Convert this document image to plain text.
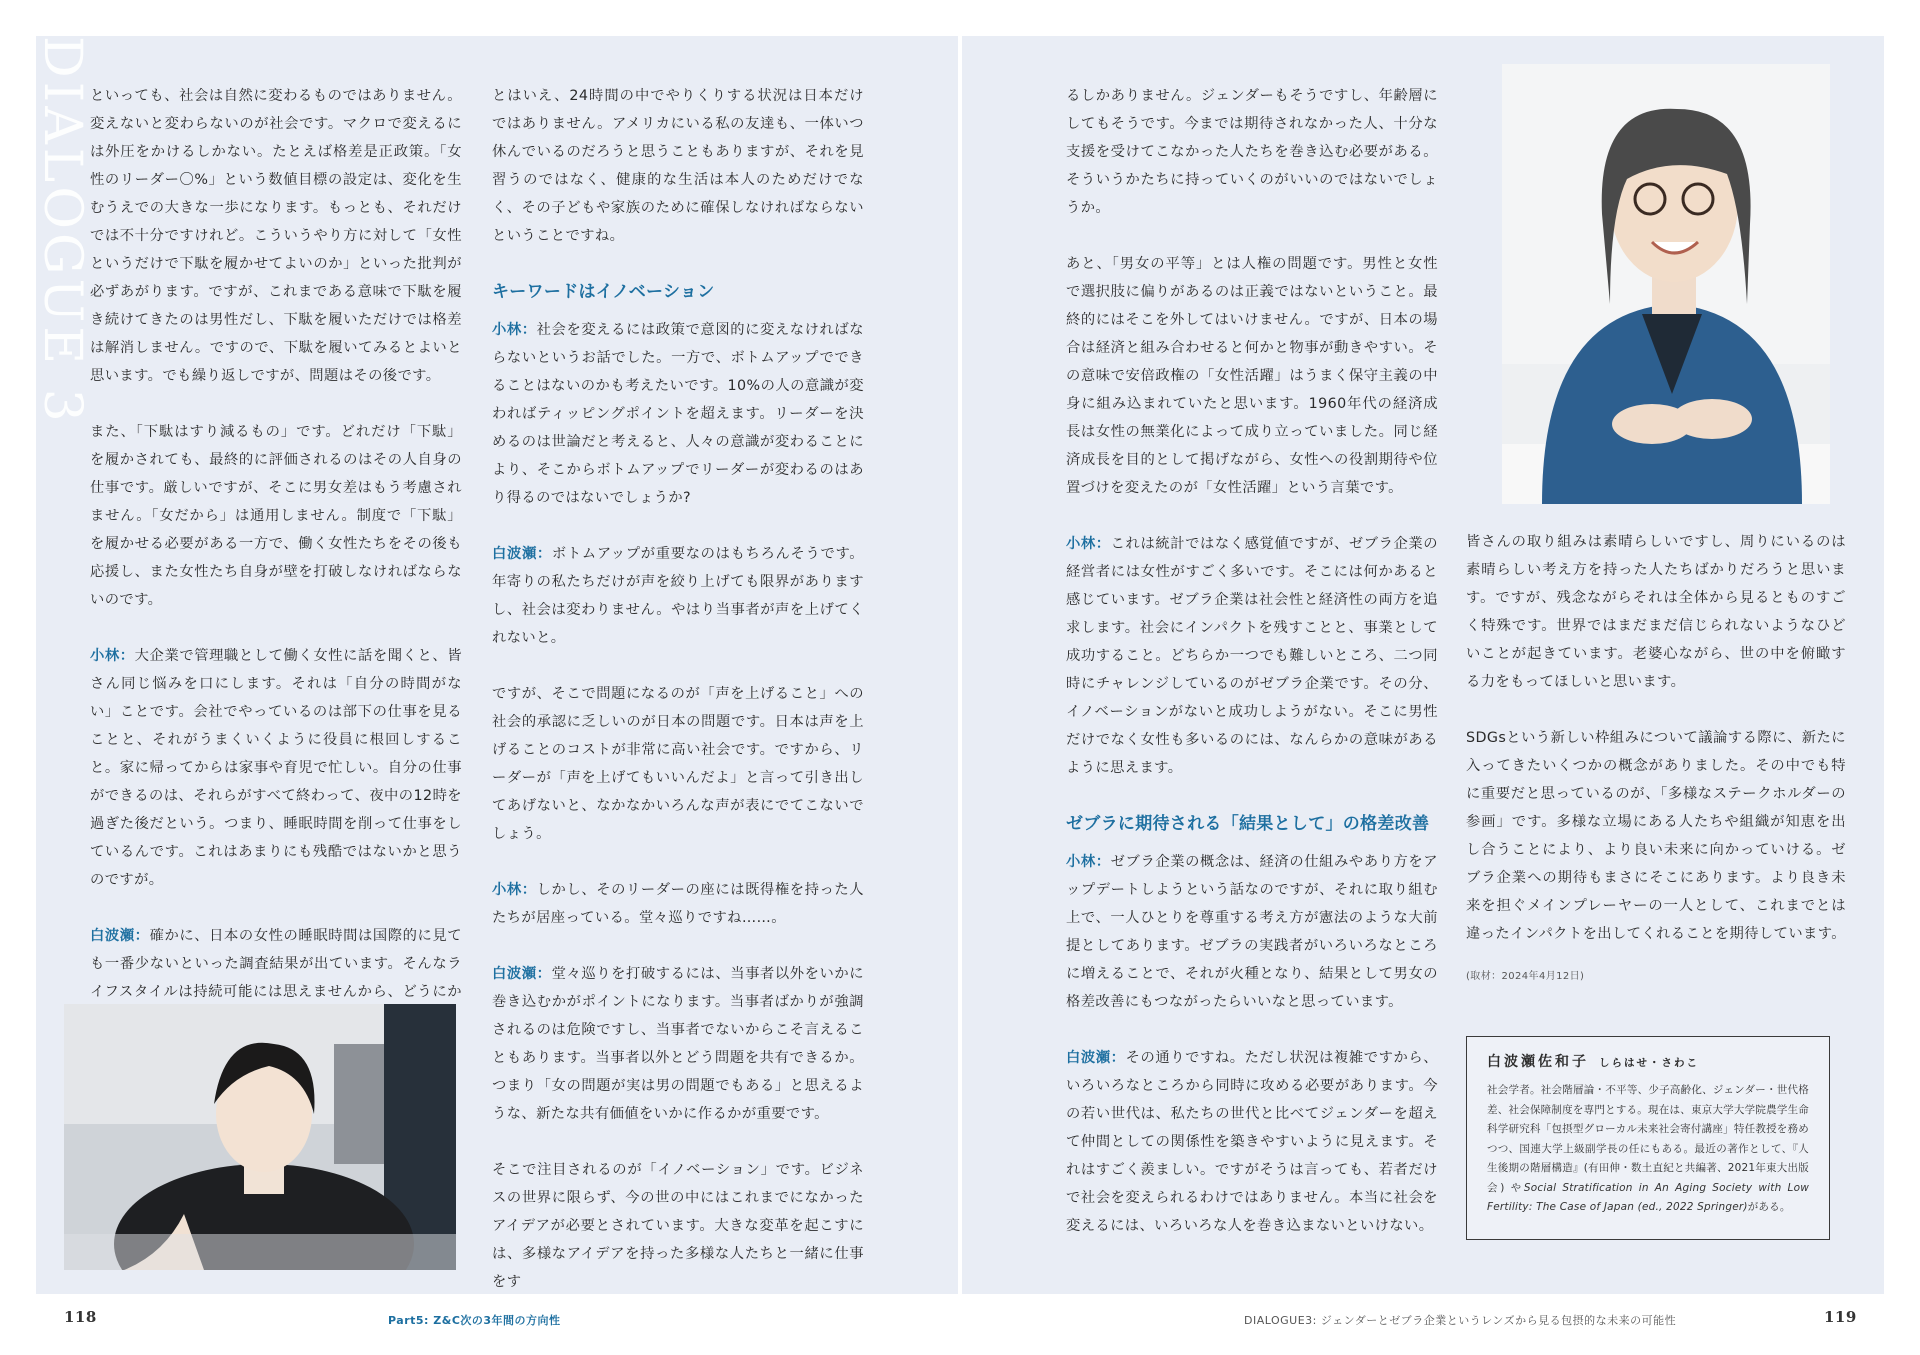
DIALOGUE 3

といっても、社会は自然に変わるものではありません。変えないと変わらないのが社会です。マクロで変えるには外圧をかけるしかない。たとえば格差是正政策。「女性のリーダー〇%」という数値目標の設定は、変化を生むうえでの大きな一歩になります。もっとも、それだけでは不十分ですけれど。こういうやり方に対して「女性というだけで下駄を履かせてよいのか」といった批判が必ずあがります。ですが、これまである意味で下駄を履き続けてきたのは男性だし、下駄を履いただけでは格差は解消しません。ですので、下駄を履いてみるとよいと思います。でも繰り返しですが、問題はその後です。

また、「下駄はすり減るもの」です。どれだけ「下駄」を履かされても、最終的に評価されるのはその人自身の仕事です。厳しいですが、そこに男女差はもう考慮されません。「女だから」は通用しません。制度で「下駄」を履かせる必要がある一方で、働く女性たちをその後も応援し、また女性たち自身が壁を打破しなければならないのです。

小林：大企業で管理職として働く女性に話を聞くと、皆さん同じ悩みを口にします。それは「自分の時間がない」ことです。会社でやっているのは部下の仕事を見ることと、それがうまくいくように役員に根回しすること。家に帰ってからは家事や育児で忙しい。自分の仕事ができるのは、それらがすべて終わって、夜中の12時を過ぎた後だという。つまり、睡眠時間を削って仕事をしているんです。これはあまりにも残酷ではないかと思うのですが。

白波瀬：確かに、日本の女性の睡眠時間は国際的に見ても一番少ないといった調査結果が出ています。そんなライフスタイルは持続可能には思えませんから、どうにか

とはいえ、24時間の中でやりくりする状況は日本だけではありません。アメリカにいる私の友達も、一体いつ休んでいるのだろうと思うこともありますが、それを見習うのではなく、健康的な生活は本人のためだけでなく、その子どもや家族のために確保しなければならないということですね。

キーワードはイノベーション

小林：社会を変えるには政策で意図的に変えなければならないというお話でした。一方で、ボトムアップでできることはないのかも考えたいです。10%の人の意識が変わればティッピングポイントを超えます。リーダーを決めるのは世論だと考えると、人々の意識が変わることにより、そこからボトムアップでリーダーが変わるのはあり得るのではないでしょうか?

白波瀬：ボトムアップが重要なのはもちろんそうです。年寄りの私たちだけが声を絞り上げても限界がありますし、社会は変わりません。やはり当事者が声を上げてくれないと。

ですが、そこで問題になるのが「声を上げること」への社会的承認に乏しいのが日本の問題です。日本は声を上げることのコストが非常に高い社会です。ですから、リーダーが「声を上げてもいいんだよ」と言って引き出してあげないと、なかなかいろんな声が表にでてこないでしょう。

小林：しかし、そのリーダーの座には既得権を持った人たちが居座っている。堂々巡りですね……。

白波瀬：堂々巡りを打破するには、当事者以外をいかに巻き込むかがポイントになります。当事者ばかりが強調されるのは危険ですし、当事者でないからこそ言えることもあります。当事者以外とどう問題を共有できるか。つまり「女の問題が実は男の問題でもある」と思えるような、新たな共有価値をいかに作るかが重要です。

そこで注目されるのが「イノベーション」です。ビジネスの世界に限らず、今の世の中にはこれまでになかったアイデアが必要とされています。大きな変革を起こすには、多様なアイデアを持った多様な人たちと一緒に仕事をす

るしかありません。ジェンダーもそうですし、年齢層にしてもそうです。今までは期待されなかった人、十分な支援を受けてこなかった人たちを巻き込む必要がある。そういうかたちに持っていくのがいいのではないでしょうか。

あと、「男女の平等」とは人権の問題です。男性と女性で選択肢に偏りがあるのは正義ではないということ。最終的にはそこを外してはいけません。ですが、日本の場合は経済と組み合わせると何かと物事が動きやすい。その意味で安倍政権の「女性活躍」はうまく保守主義の中身に組み込まれていたと思います。1960年代の経済成長は女性の無業化によって成り立っていました。同じ経済成長を目的として掲げながら、女性への役割期待や位置づけを変えたのが「女性活躍」という言葉です。

小林：これは統計ではなく感覚値ですが、ゼブラ企業の経営者には女性がすごく多いです。そこには何かあると感じています。ゼブラ企業は社会性と経済性の両方を追求します。社会にインパクトを残すことと、事業として成功すること。どちらか一つでも難しいところ、二つ同時にチャレンジしているのがゼブラ企業です。その分、イノベーションがないと成功しようがない。そこに男性だけでなく女性も多いるのには、なんらかの意味があるように思えます。

ゼブラに期待される「結果として」の格差改善

小林：ゼブラ企業の概念は、経済の仕組みやあり方をアップデートしようという話なのですが、それに取り組む上で、一人ひとりを尊重する考え方が憲法のような大前提としてあります。ゼブラの実践者がいろいろなところに増えることで、それが火種となり、結果として男女の格差改善にもつながったらいいなと思っています。

白波瀬：その通りですね。ただし状況は複雑ですから、いろいろなところから同時に攻める必要があります。今の若い世代は、私たちの世代と比べてジェンダーを超えて仲間としての関係性を築きやすいように見えます。それはすごく羨ましい。ですがそうは言っても、若者だけで社会を変えられるわけではありません。本当に社会を変えるには、いろいろな人を巻き込まないといけない。

皆さんの取り組みは素晴らしいですし、周りにいるのは素晴らしい考え方を持った人たちばかりだろうと思います。ですが、残念ながらそれは全体から見るとものすごく特殊です。世界ではまだまだ信じられないようなひどいことが起きています。老婆心ながら、世の中を俯瞰する力をもってほしいと思います。

SDGsという新しい枠組みについて議論する際に、新たに入ってきたいくつかの概念がありました。その中でも特に重要だと思っているのが、「多様なステークホルダーの参画」です。多様な立場にある人たちや組織が知恵を出し合うことにより、より良い未来に向かっていける。ゼブラ企業への期待もまさにそこにあります。より良き未来を担ぐメインプレーヤーの一人として、これまでとは違ったインパクトを出してくれることを期待しています。

(取材：2024年4月12日)
白波瀬佐和子 しらはせ・さわこ
社会学者。社会階層論・不平等、少子高齢化、ジェンダー・世代格差、社会保障制度を専門とする。現在は、東京大学大学院農学生命科学研究科「包摂型グローカル未来社会寄付講座」特任教授を務めつつ、国連大学上級副学長の任にもある。最近の著作として、『人生後期の階層構造』(有田伸・数土直紀と共編著、2021年東大出版会) やSocial Stratification in An Aging Society with Low Fertility: The Case of Japan (ed., 2022 Springer)がある。
118	Part5: Z&C次の3年間の方向性	DIALOGUE3: ジェンダーとゼブラ企業というレンズから見る包摂的な未来の可能性	119
